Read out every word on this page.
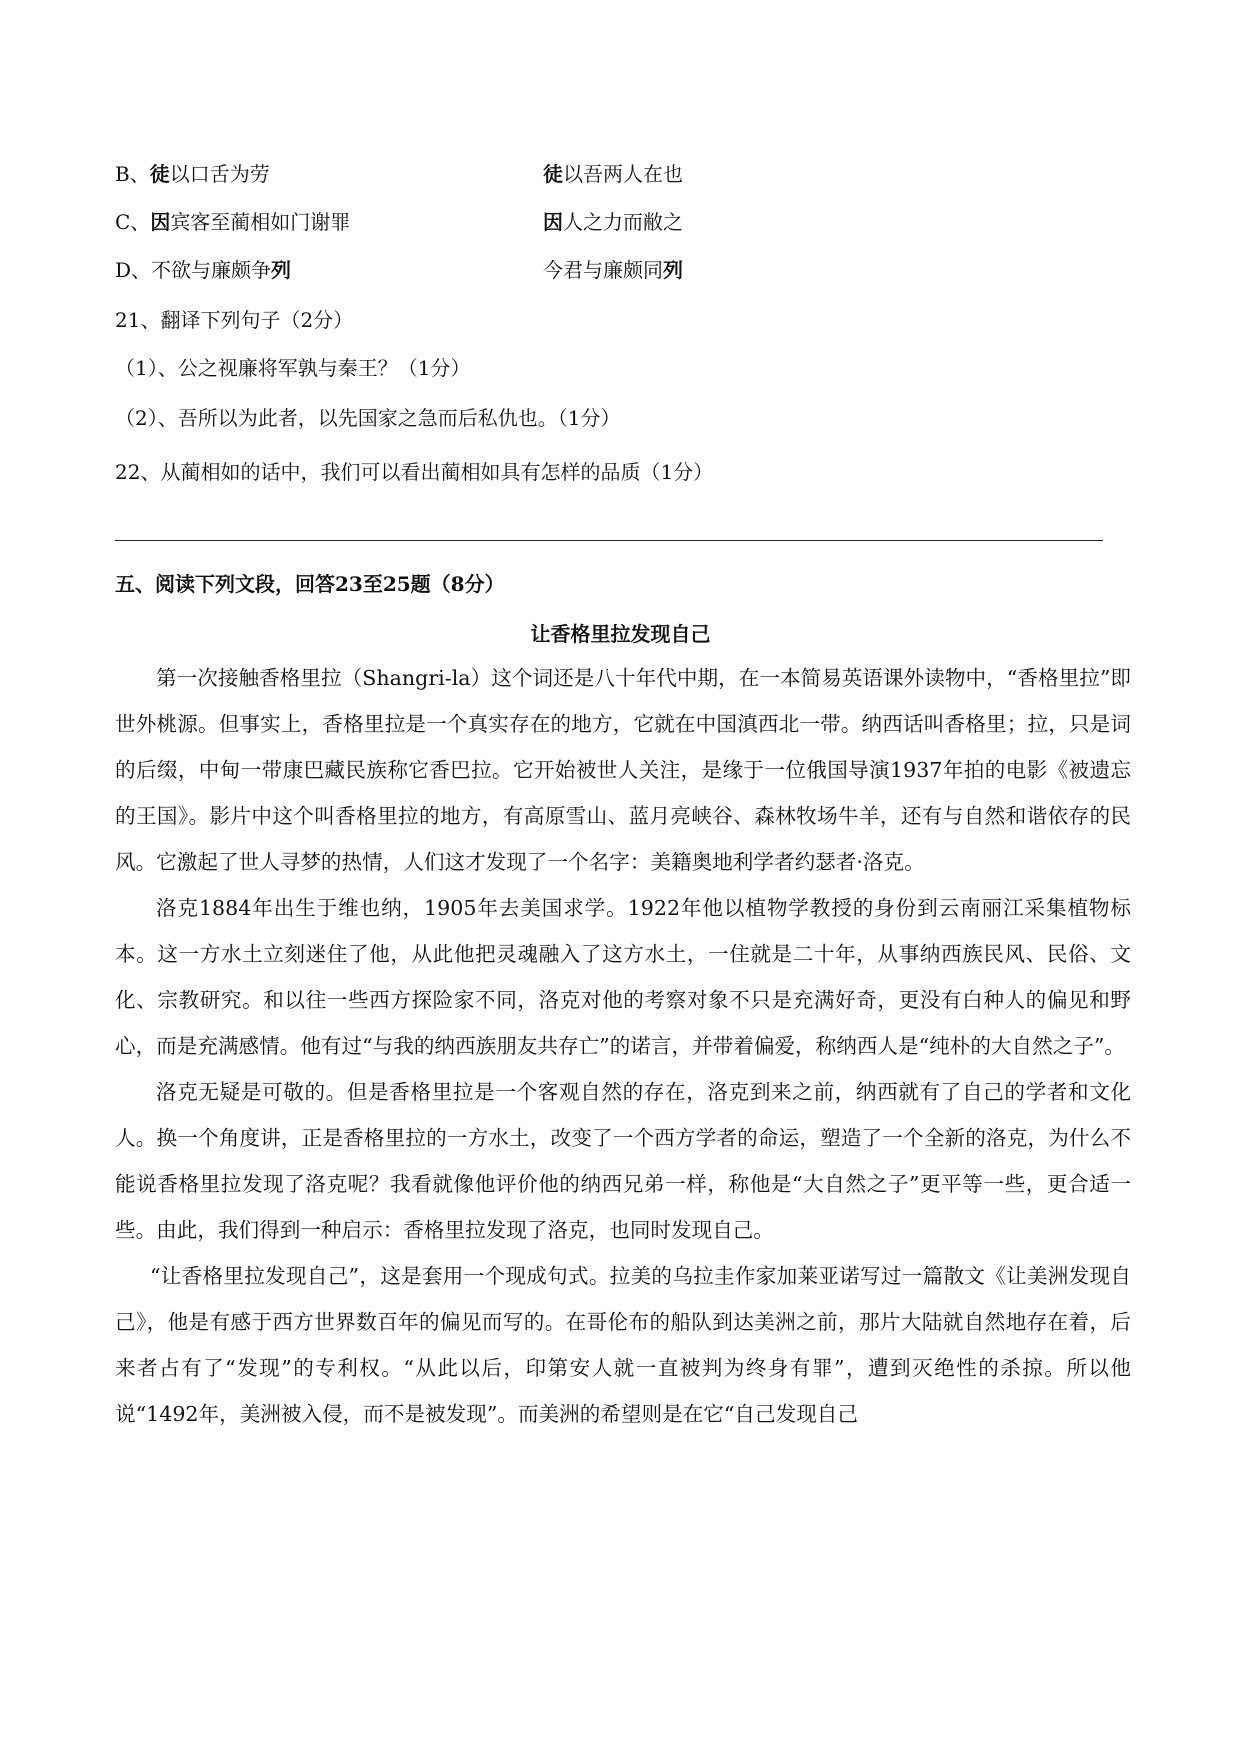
B、徒以口舌为劳	徒以吾两人在也
C、因宾客至蔺相如门谢罪	因人之力而敝之
D、不欲与廉颇争列	今君与廉颇同列
21、翻译下列句子（2分）
（1）、公之视廉将军孰与秦王？（1分）
（2）、吾所以为此者，以先国家之急而后私仇也。（1分）
22、从蔺相如的话中，我们可以看出蔺相如具有怎样的品质（1分）
五、阅读下列文段，回答23至25题（8分）
让香格里拉发现自己

第一次接触香格里拉（Shangri-la）这个词还是八十年代中期，在一本简易英语课外读物中，“香格里拉”即世外桃源。但事实上，香格里拉是一个真实存在的地方，它就在中国滇西北一带。纳西话叫香格里；拉，只是词的后缀，中甸一带康巴藏民族称它香巴拉。它开始被世人关注，是缘于一位俄国导演1937年拍的电影《被遗忘的王国》。影片中这个叫香格里拉的地方，有高原雪山、蓝月亮峡谷、森林牧场牛羊，还有与自然和谐依存的民风。它激起了世人寻梦的热情，人们这才发现了一个名字：美籍奥地利学者约瑟者·洛克。

洛克1884年出生于维也纳，1905年去美国求学。1922年他以植物学教授的身份到云南丽江采集植物标本。这一方水土立刻迷住了他，从此他把灵魂融入了这方水土，一住就是二十年，从事纳西族民风、民俗、文化、宗教研究。和以往一些西方探险家不同，洛克对他的考察对象不只是充满好奇，更没有白种人的偏见和野心，而是充满感情。他有过“与我的纳西族朋友共存亡”的诺言，并带着偏爱，称纳西人是“纯朴的大自然之子”。

洛克无疑是可敬的。但是香格里拉是一个客观自然的存在，洛克到来之前，纳西就有了自己的学者和文化人。换一个角度讲，正是香格里拉的一方水土，改变了一个西方学者的命运，塑造了一个全新的洛克，为什么不能说香格里拉发现了洛克呢？我看就像他评价他的纳西兄弟一样，称他是“大自然之子”更平等一些，更合适一些。由此，我们得到一种启示：香格里拉发现了洛克，也同时发现自己。

“让香格里拉发现自己”，这是套用一个现成句式。拉美的乌拉圭作家加莱亚诺写过一篇散文《让美洲发现自己》，他是有感于西方世界数百年的偏见而写的。在哥伦布的船队到达美洲之前，那片大陆就自然地存在着，后来者占有了“发现”的专利权。“从此以后，印第安人就一直被判为终身有罪”，遭到灭绝性的杀掠。所以他说“1492年，美洲被入侵，而不是被发现”。而美洲的希望则是在它“自己发现自己
